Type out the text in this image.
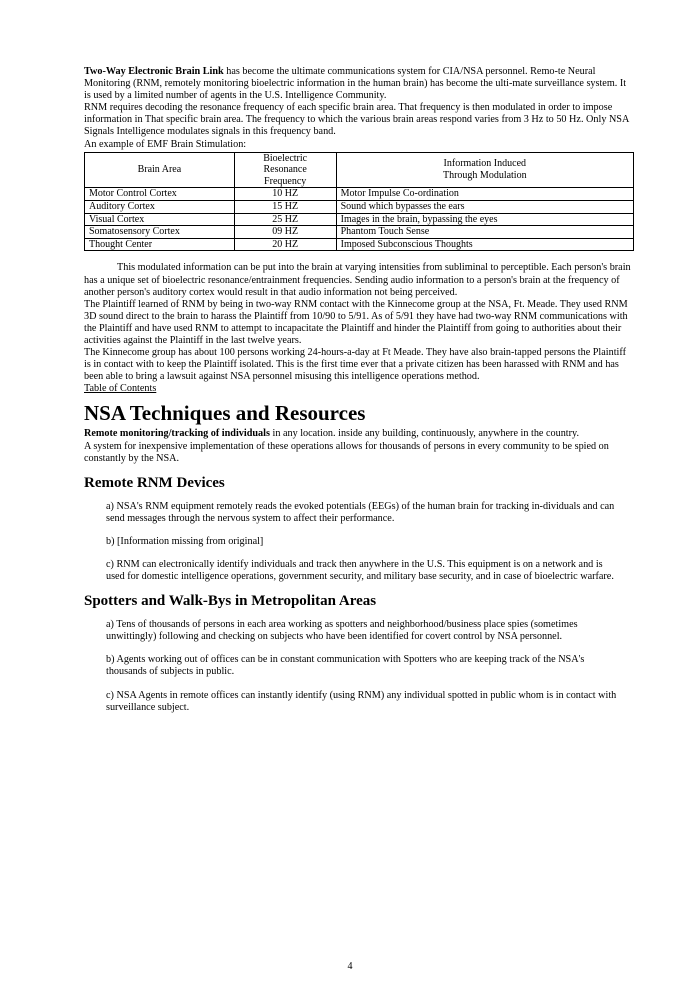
Two-Way Electronic Brain Link has become the ultimate communications system for CIA/NSA personnel. Remo-te Neural Monitoring (RNM, remotely monitoring bioelectric information in the human brain) has become the ulti-mate surveillance system. It is used by a limited number of agents in the U.S. Intelligence Community.

RNM requires decoding the resonance frequency of each specific brain area. That frequency is then modulated in order to impose information in That specific brain area. The frequency to which the various brain areas respond varies from 3 Hz to 50 Hz. Only NSA Signals Intelligence modulates signals in this frequency band.

An example of EMF Brain Stimulation:

Brain Area	Bioelectric Resonance Frequency	Information Induced Through Modulation
Motor Control Cortex	10 HZ	Motor Impulse Co-ordination
Auditory Cortex	15 HZ	Sound which bypasses the ears
Visual Cortex	25 HZ	Images in the brain, bypassing the eyes
Somatosensory Cortex	09 HZ	Phantom Touch Sense
Thought Center	20 HZ	Imposed Subconscious Thoughts

This modulated information can be put into the brain at varying intensities from subliminal to perceptible. Each person's brain has a unique set of bioelectric resonance/entrainment frequencies. Sending audio information to a person's brain at the frequency of another person's auditory cortex would result in that audio information not being perceived.

The Plaintiff learned of RNM by being in two-way RNM contact with the Kinnecome group at the NSA, Ft. Meade. They used RNM 3D sound direct to the brain to harass the Plaintiff from 10/90 to 5/91. As of 5/91 they have had two-way RNM communications with the Plaintiff and have used RNM to attempt to incapacitate the Plaintiff and hinder the Plaintiff from going to authorities about their activities against the Plaintiff in the last twelve years.

The Kinnecome group has about 100 persons working 24-hours-a-day at Ft Meade. They have also brain-tapped persons the Plaintiff is in contact with to keep the Plaintiff isolated. This is the first time ever that a private citizen has been harassed with RNM and has been able to bring a lawsuit against NSA personnel misusing this intelligence operations method.

Table of Contents

NSA Techniques and Resources

Remote monitoring/tracking of individuals in any location. inside any building, continuously, anywhere in the country.

A system for inexpensive implementation of these operations allows for thousands of persons in every community to be spied on constantly by the NSA.

Remote RNM Devices

a) NSA's RNM equipment remotely reads the evoked potentials (EEGs) of the human brain for tracking in-dividuals and can send messages through the nervous system to affect their performance.

b) [Information missing from original]

c) RNM can electronically identify individuals and track then anywhere in the U.S. This equipment is on a network and is used for domestic intelligence operations, government security, and military base security, and in case of bioelectric warfare.

Spotters and Walk-Bys in Metropolitan Areas

a) Tens of thousands of persons in each area working as spotters and neighborhood/business place spies (sometimes unwittingly) following and checking on subjects who have been identified for covert control by NSA personnel.

b) Agents working out of offices can be in constant communication with Spotters who are keeping track of the NSA's thousands of subjects in public.

c) NSA Agents in remote offices can instantly identify (using RNM) any individual spotted in public whom is in contact with surveillance subject.

4
